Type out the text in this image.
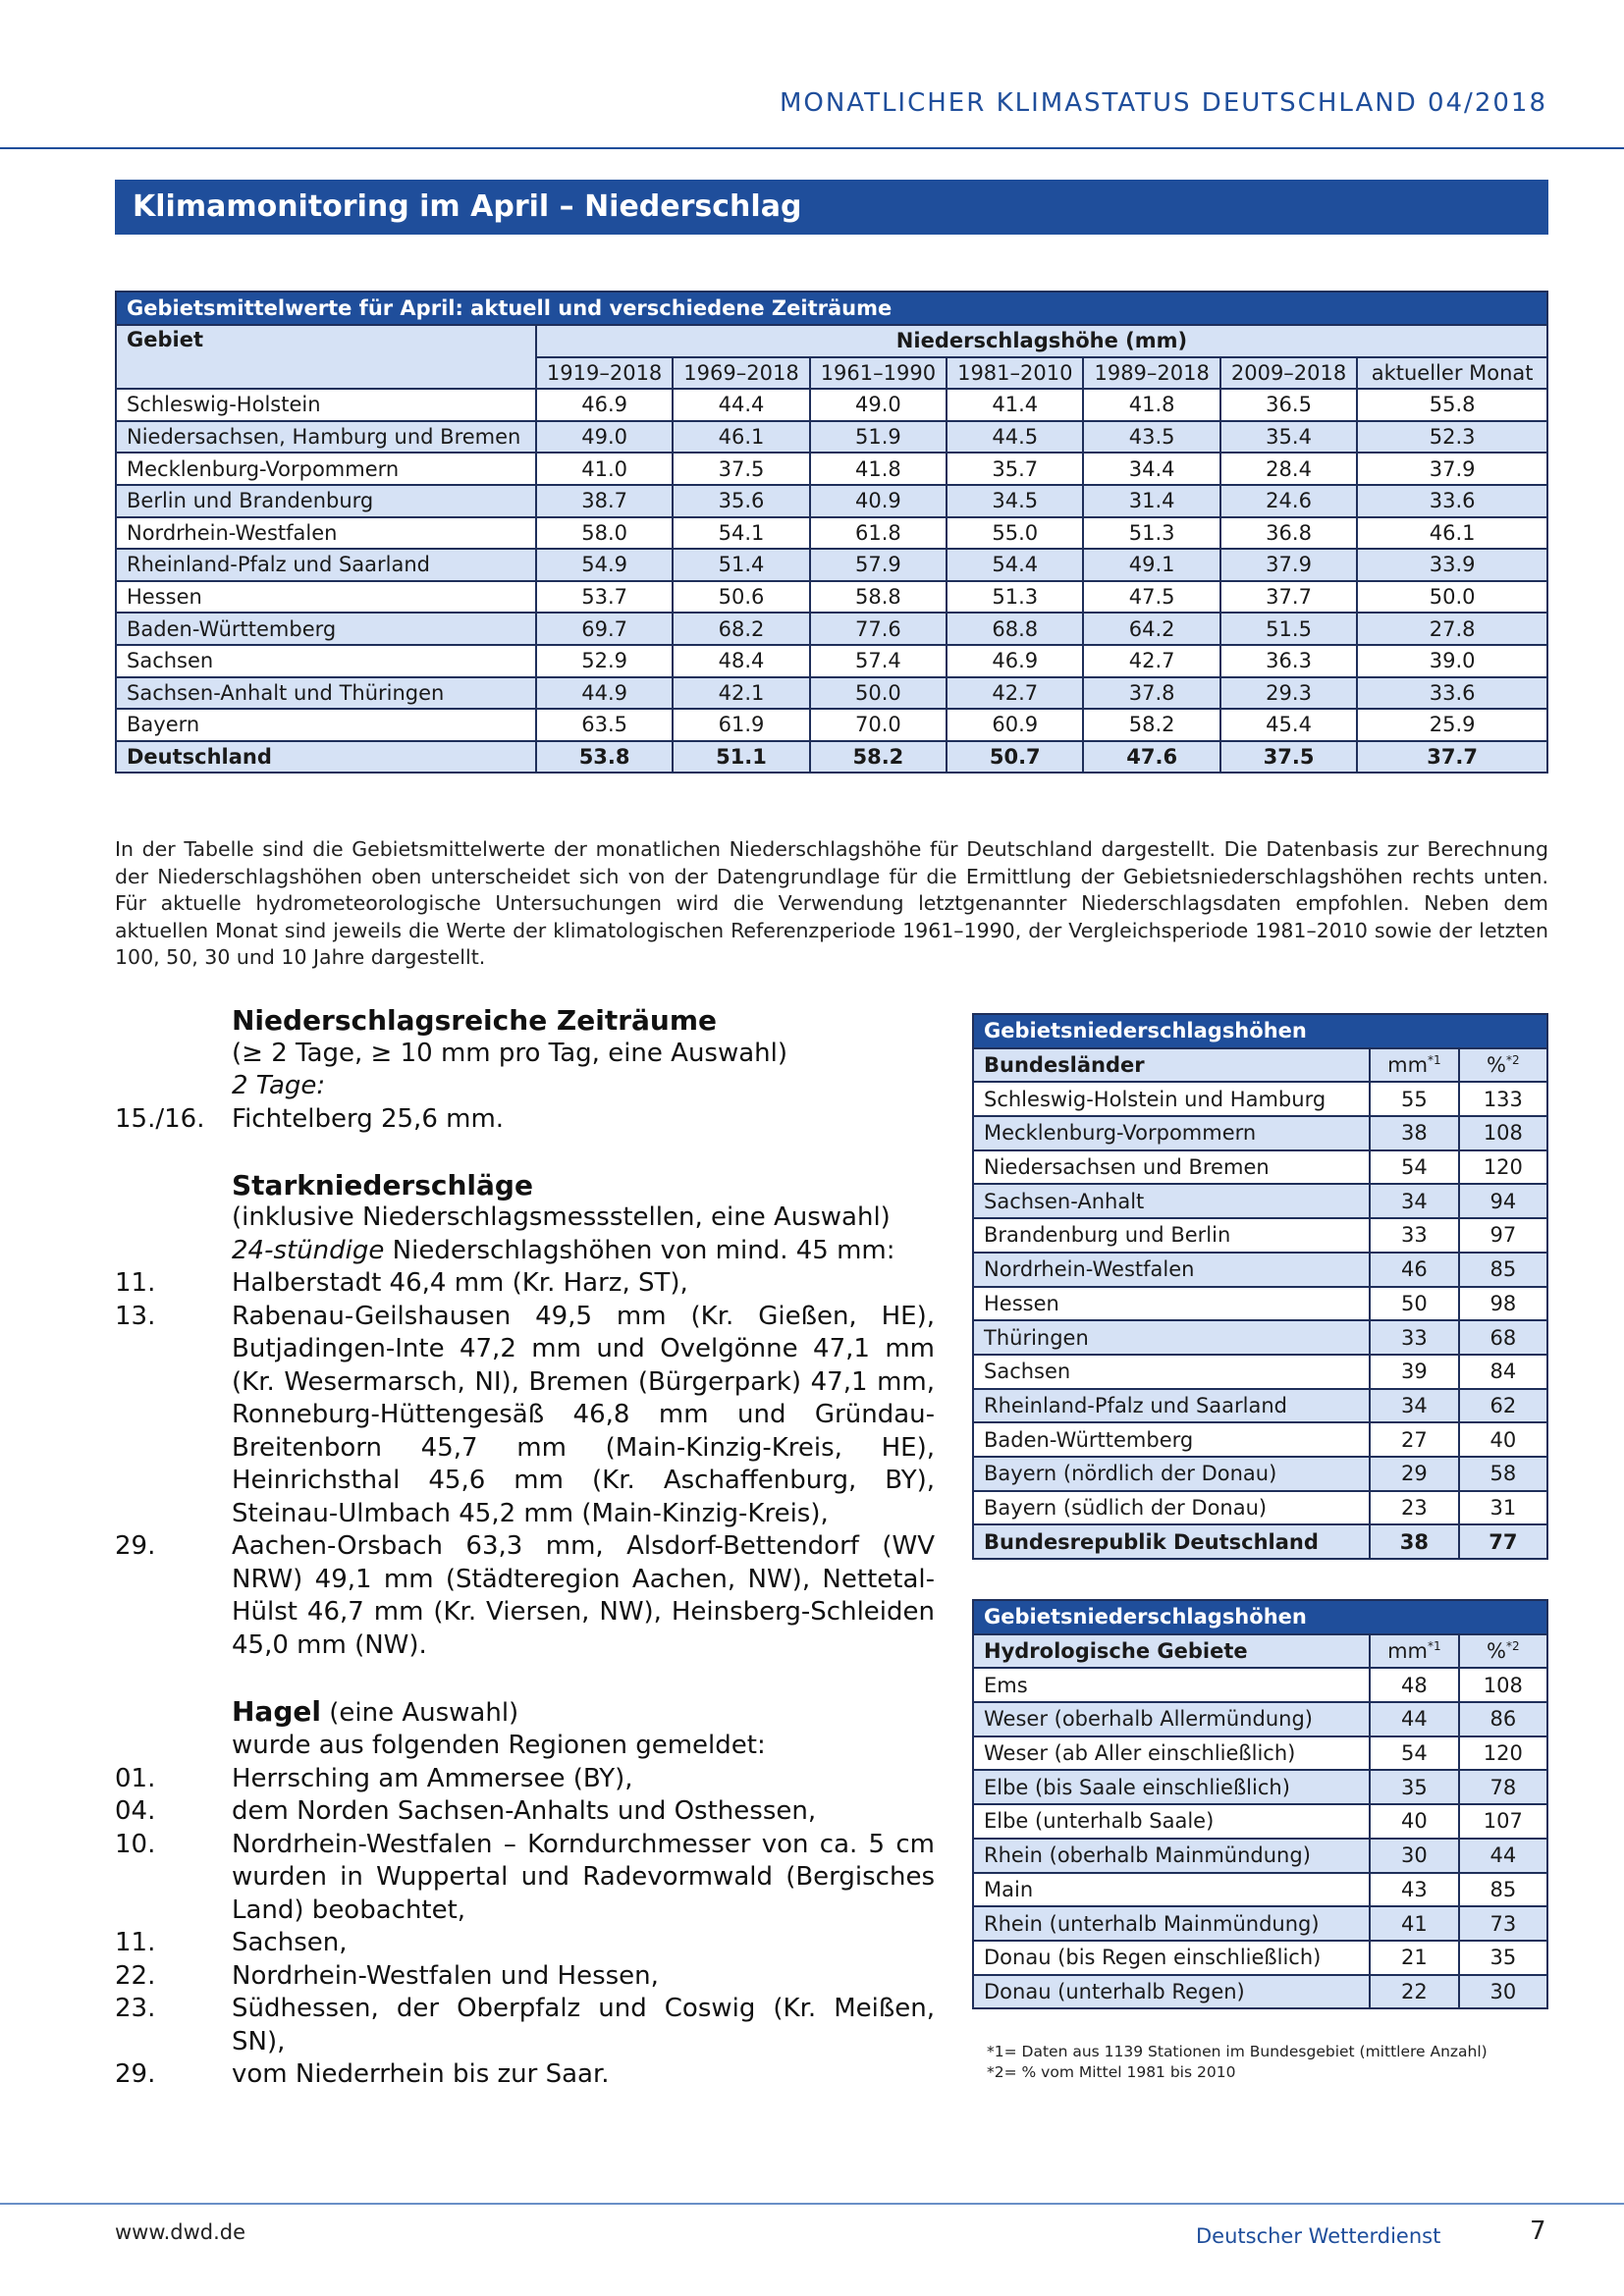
MONATLICHER KLIMASTATUS DEUTSCHLAND 04/2018
Klimamonitoring im April – Niederschlag
Gebietsmittelwerte für April: aktuell und verschiedene Zeiträume							
Gebiet	Niederschlagshöhe (mm)						
	1919–2018	1969–2018	1961–1990	1981–2010	1989–2018	2009–2018	aktueller Monat
Schleswig-Holstein	46.9	44.4	49.0	41.4	41.8	36.5	55.8
Niedersachsen, Hamburg und Bremen	49.0	46.1	51.9	44.5	43.5	35.4	52.3
Mecklenburg-Vorpommern	41.0	37.5	41.8	35.7	34.4	28.4	37.9
Berlin und Brandenburg	38.7	35.6	40.9	34.5	31.4	24.6	33.6
Nordrhein-Westfalen	58.0	54.1	61.8	55.0	51.3	36.8	46.1
Rheinland-Pfalz und Saarland	54.9	51.4	57.9	54.4	49.1	37.9	33.9
Hessen	53.7	50.6	58.8	51.3	47.5	37.7	50.0
Baden-Württemberg	69.7	68.2	77.6	68.8	64.2	51.5	27.8
Sachsen	52.9	48.4	57.4	46.9	42.7	36.3	39.0
Sachsen-Anhalt und Thüringen	44.9	42.1	50.0	42.7	37.8	29.3	33.6
Bayern	63.5	61.9	70.0	60.9	58.2	45.4	25.9
Deutschland	53.8	51.1	58.2	50.7	47.6	37.5	37.7
In der Tabelle sind die Gebietsmittelwerte der monatlichen Niederschlagshöhe für Deutschland dargestellt. Die Datenbasis zur Berechnung der Niederschlagshöhen oben unterscheidet sich von der Datengrundlage für die Ermittlung der Gebietsniederschlagshöhen rechts unten. Für aktuelle hydrometeorologische Untersuchungen wird die Verwendung letztgenannter Niederschlagsdaten empfohlen. Neben dem aktuellen Monat sind jeweils die Werte der klimatologischen Referenzperiode 1961–1990, der Vergleichsperiode 1981–2010 sowie der letzten 100, 50, 30 und 10 Jahre dargestellt.
Niederschlagsreiche Zeiträume
(≥ 2 Tage, ≥ 10 mm pro Tag, eine Auswahl)
2 Tage:
15./16.	Fichtelberg 25,6 mm.
Starkniederschläge
(inklusive Niederschlagsmessstellen, eine Auswahl)
24-stündige Niederschlagshöhen von mind. 45 mm:
11.	Halberstadt 46,4 mm (Kr. Harz, ST),
13.	Rabenau-Geilshausen 49,5 mm (Kr. Gießen, HE), Butjadingen-Inte 47,2 mm und Ovelgönne 47,1 mm (Kr. Wesermarsch, NI), Bremen (Bürgerpark) 47,1 mm, Ronneburg-Hüttengesäß 46,8 mm und Gründau-Breitenborn 45,7 mm (Main-Kinzig-Kreis, HE), Heinrichsthal 45,6 mm (Kr. Aschaffenburg, BY), Steinau-Ulmbach 45,2 mm (Main-Kinzig-Kreis),
29.	Aachen-Orsbach 63,3 mm, Alsdorf-Bettendorf (WV NRW) 49,1 mm (Städteregion Aachen, NW), Nettetal-Hülst 46,7 mm (Kr. Viersen, NW), Heinsberg-Schleiden 45,0 mm (NW).
Hagel (eine Auswahl)
wurde aus folgenden Regionen gemeldet:
01.	Herrsching am Ammersee (BY),
04.	dem Norden Sachsen-Anhalts und Osthessen,
10.	Nordrhein-Westfalen – Korndurchmesser von ca. 5 cm wurden in Wuppertal und Radevormwald (Bergisches Land) beobachtet,
11.	Sachsen,
22.	Nordrhein-Westfalen und Hessen,
23.	Südhessen, der Oberpfalz und Coswig (Kr. Meißen, SN),
29.	vom Niederrhein bis zur Saar.
Gebietsniederschlagshöhen		
Bundesländer	$mm^{*1}$	%$^{*2}$
Schleswig-Holstein und Hamburg	55	133
Mecklenburg-Vorpommern	38	108
Niedersachsen und Bremen	54	120
Sachsen-Anhalt	34	94
Brandenburg und Berlin	33	97
Nordrhein-Westfalen	46	85
Hessen	50	98
Thüringen	33	68
Sachsen	39	84
Rheinland-Pfalz und Saarland	34	62
Baden-Württemberg	27	40
Bayern (nördlich der Donau)	29	58
Bayern (südlich der Donau)	23	31
Bundesrepublik Deutschland	38	77
Gebietsniederschlagshöhen		
Hydrologische Gebiete	$mm^{*1}$	%$^{*2}$
Ems	48	108
Weser (oberhalb Allermündung)	44	86
Weser (ab Aller einschließlich)	54	120
Elbe (bis Saale einschließlich)	35	78
Elbe (unterhalb Saale)	40	107
Rhein (oberhalb Mainmündung)	30	44
Main	43	85
Rhein (unterhalb Mainmündung)	41	73
Donau (bis Regen einschließlich)	21	35
Donau (unterhalb Regen)	22	30
*1= Daten aus 1139 Stationen im Bundesgebiet (mittlere Anzahl)
*2= % vom Mittel 1981 bis 2010
www.dwd.de	Deutscher Wetterdienst	7
